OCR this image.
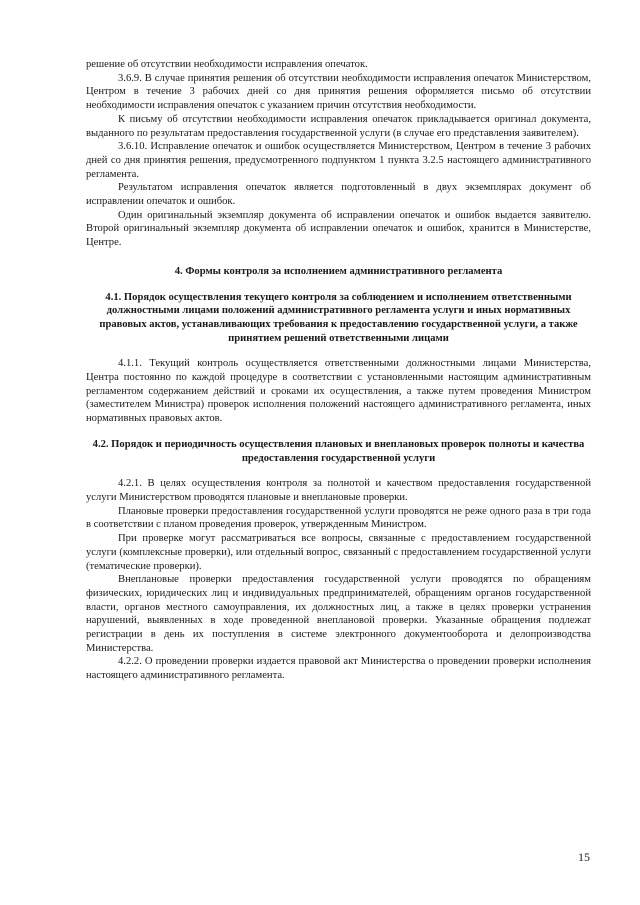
решение об отсутствии необходимости исправления опечаток.

3.6.9. В случае принятия решения об отсутствии необходимости исправления опечаток Министерством, Центром в течение 3 рабочих дней со дня принятия решения оформляется письмо об отсутствии необходимости исправления опечаток с указанием причин отсутствия необходимости.

К письму об отсутствии необходимости исправления опечаток прикладывается оригинал документа, выданного по результатам предоставления государственной услуги (в случае его представления заявителем).

3.6.10. Исправление опечаток и ошибок осуществляется Министерством, Центром в течение 3 рабочих дней со дня принятия решения, предусмотренного подпунктом 1 пункта 3.2.5 настоящего административного регламента.

Результатом исправления опечаток является подготовленный в двух экземплярах документ об исправлении опечаток и ошибок.

Один оригинальный экземпляр документа об исправлении опечаток и ошибок выдается заявителю. Второй оригинальный экземпляр документа об исправлении опечаток и ошибок, хранится в Министерстве, Центре.

4. Формы контроля за исполнением административного регламента

4.1. Порядок осуществления текущего контроля за соблюдением и исполнением ответственными должностными лицами положений административного регламента услуги и иных нормативных правовых актов, устанавливающих требования к предоставлению государственной услуги, а также принятием решений ответственными лицами

4.1.1. Текущий контроль осуществляется ответственными должностными лицами Министерства, Центра постоянно по каждой процедуре в соответствии с установленными настоящим административным регламентом содержанием действий и сроками их осуществления, а также путем проведения Министром (заместителем Министра) проверок исполнения положений настоящего административного регламента, иных нормативных правовых актов.

4.2. Порядок и периодичность осуществления плановых и внеплановых проверок полноты и качества предоставления государственной услуги

4.2.1. В целях осуществления контроля за полнотой и качеством предоставления государственной услуги Министерством проводятся плановые и внеплановые проверки.

Плановые проверки предоставления государственной услуги проводятся не реже одного раза в три года в соответствии с планом проведения проверок, утвержденным Министром.

При проверке могут рассматриваться все вопросы, связанные с предоставлением государственной услуги (комплексные проверки), или отдельный вопрос, связанный с предоставлением государственной услуги (тематические проверки).

Внеплановые проверки предоставления государственной услуги проводятся по обращениям физических, юридических лиц и индивидуальных предпринимателей, обращениям органов государственной власти, органов местного самоуправления, их должностных лиц, а также в целях проверки устранения нарушений, выявленных в ходе проведенной внеплановой проверки. Указанные обращения подлежат регистрации в день их поступления в системе электронного документооборота и делопроизводства Министерства.

4.2.2. О проведении проверки издается правовой акт Министерства о проведении проверки исполнения настоящего административного регламента.

15
